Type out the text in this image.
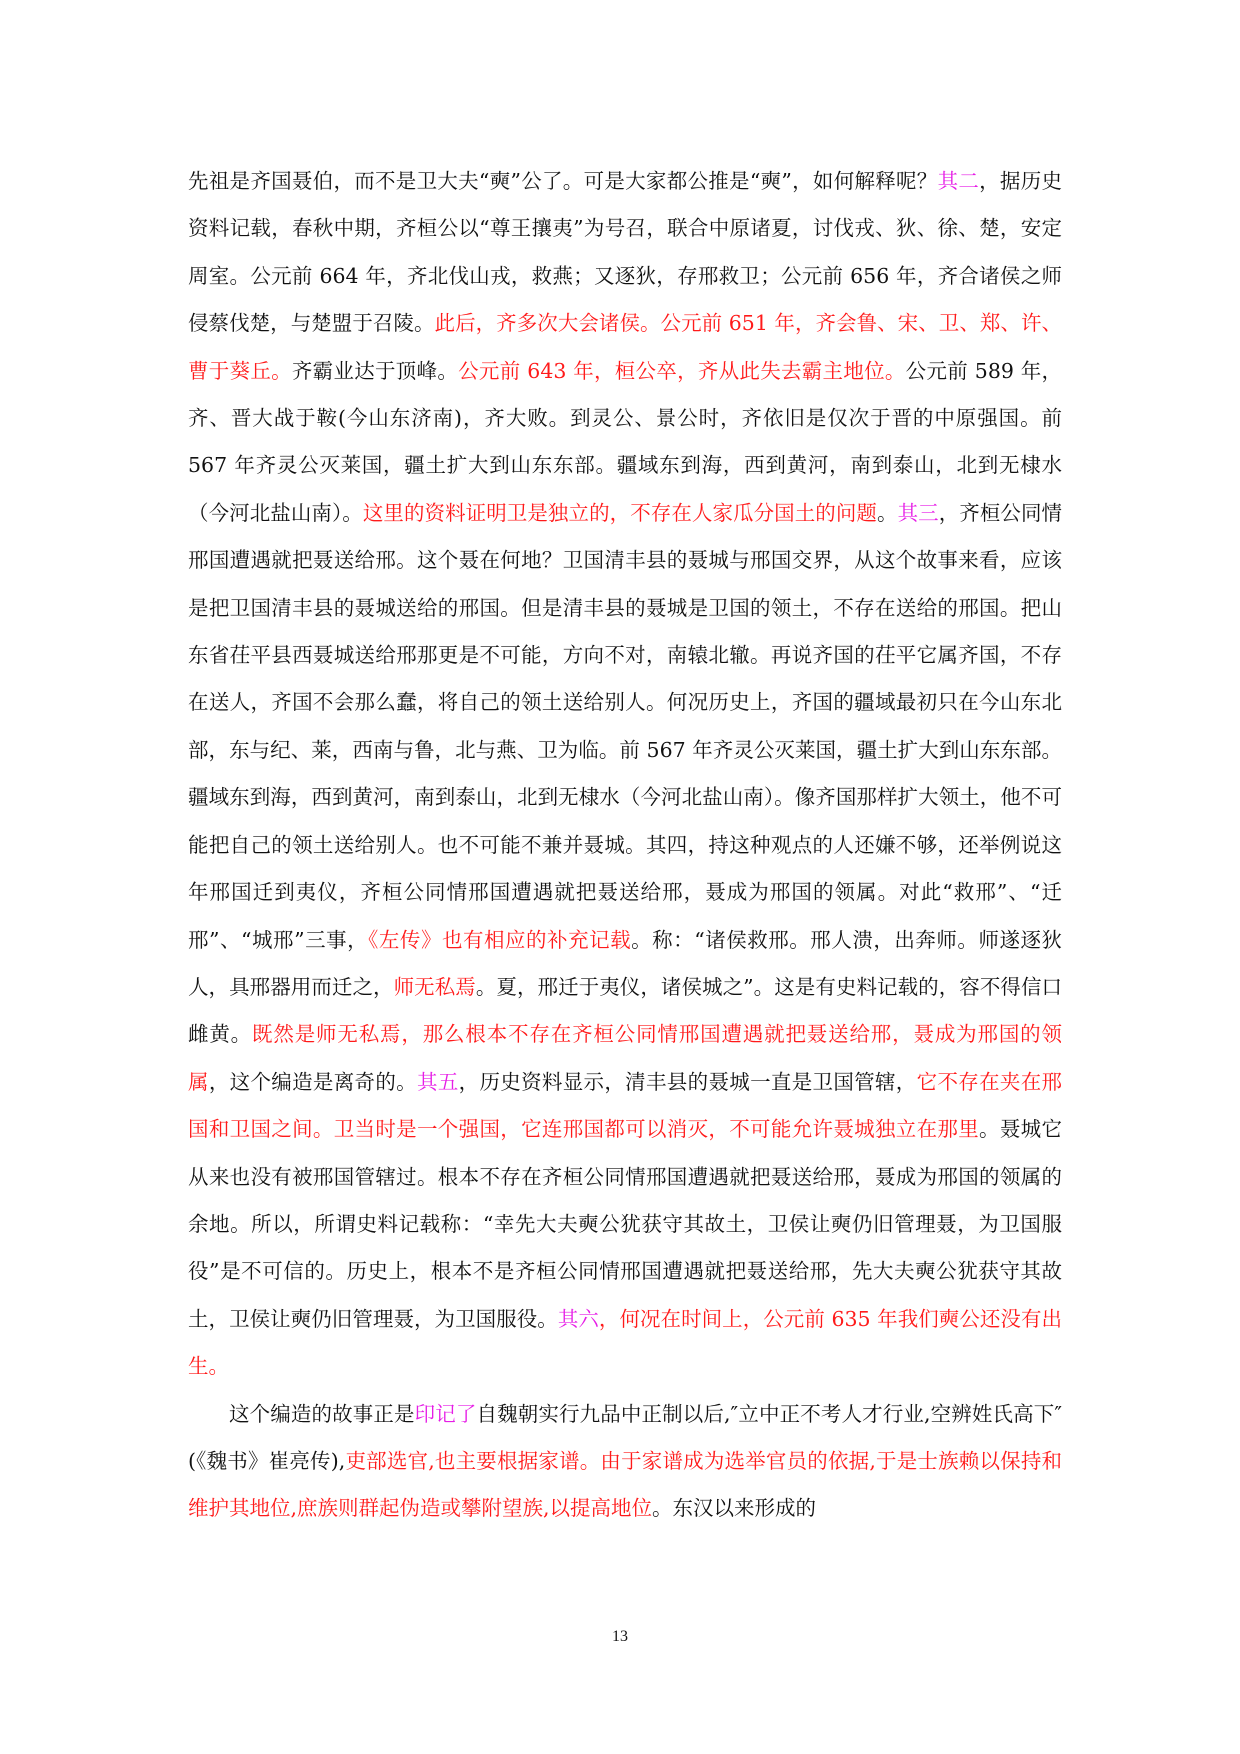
先祖是齐国聂伯，而不是卫大夫“奭”公了。可是大家都公推是“奭”，如何解释呢？其二，据历史资料记载，春秋中期，齐桓公以“尊王攘夷”为号召，联合中原诸夏，讨伐戎、狄、徐、楚，安定周室。公元前 664 年，齐北伐山戎，救燕；又逐狄，存邢救卫；公元前 656 年，齐合诸侯之师侵蔡伐楚，与楚盟于召陵。此后，齐多次大会诸侯。公元前 651 年，齐会鲁、宋、卫、郑、许、曹于葵丘。齐霸业达于顶峰。公元前 643 年，桓公卒，齐从此失去霸主地位。公元前 589 年，齐、晋大战于鞍(今山东济南)，齐大败。到灵公、景公时，齐依旧是仅次于晋的中原强国。前 567 年齐灵公灭莱国，疆土扩大到山东东部。疆域东到海，西到黄河，南到泰山，北到无棣水（今河北盐山南）。这里的资料证明卫是独立的，不存在人家瓜分国土的问题。其三，齐桓公同情邢国遭遇就把聂送给邢。这个聂在何地？卫国清丰县的聂城与邢国交界，从这个故事来看，应该是把卫国清丰县的聂城送给的邢国。但是清丰县的聂城是卫国的领土，不存在送给的邢国。把山东省茌平县西聂城送给邢那更是不可能，方向不对，南辕北辙。再说齐国的茌平它属齐国，不存在送人，齐国不会那么蠢，将自己的领土送给别人。何况历史上，齐国的疆域最初只在今山东北部，东与纪、莱，西南与鲁，北与燕、卫为临。前 567 年齐灵公灭莱国，疆土扩大到山东东部。疆域东到海，西到黄河，南到泰山，北到无棣水（今河北盐山南）。像齐国那样扩大领土，他不可能把自己的领土送给别人。也不可能不兼并聂城。其四，持这种观点的人还嫌不够，还举例说这年邢国迁到夷仪，齐桓公同情邢国遭遇就把聂送给邢，聂成为邢国的领属。对此“救邢”、“迁邢”、“城邢”三事，《左传》也有相应的补充记载。称：“诸侯救邢。邢人溃，出奔师。师遂逐狄人，具邢器用而迁之，师无私焉。夏，邢迁于夷仪，诸侯城之”。这是有史料记载的，容不得信口雌黄。既然是师无私焉，那么根本不存在齐桓公同情邢国遭遇就把聂送给邢，聂成为邢国的领属，这个编造是离奇的。其五，历史资料显示，清丰县的聂城一直是卫国管辖，它不存在夹在邢国和卫国之间。卫当时是一个强国，它连邢国都可以消灭，不可能允许聂城独立在那里。聂城它从来也没有被邢国管辖过。根本不存在齐桓公同情邢国遭遇就把聂送给邢，聂成为邢国的领属的余地。所以，所谓史料记载称：“幸先大夫奭公犹获守其故土，卫侯让奭仍旧管理聂，为卫国服役”是不可信的。历史上，根本不是齐桓公同情邢国遭遇就把聂送给邢，先大夫奭公犹获守其故土，卫侯让奭仍旧管理聂，为卫国服役。其六，何况在时间上，公元前 635 年我们奭公还没有出生。

这个编造的故事正是印记了自魏朝实行九品中正制以后,″立中正不考人才行业,空辨姓氏高下″(《魏书》崔亮传),吏部选官,也主要根据家谱。由于家谱成为选举官员的依据,于是士族赖以保持和维护其地位,庶族则群起伪造或攀附望族,以提高地位。东汉以来形成的

13
